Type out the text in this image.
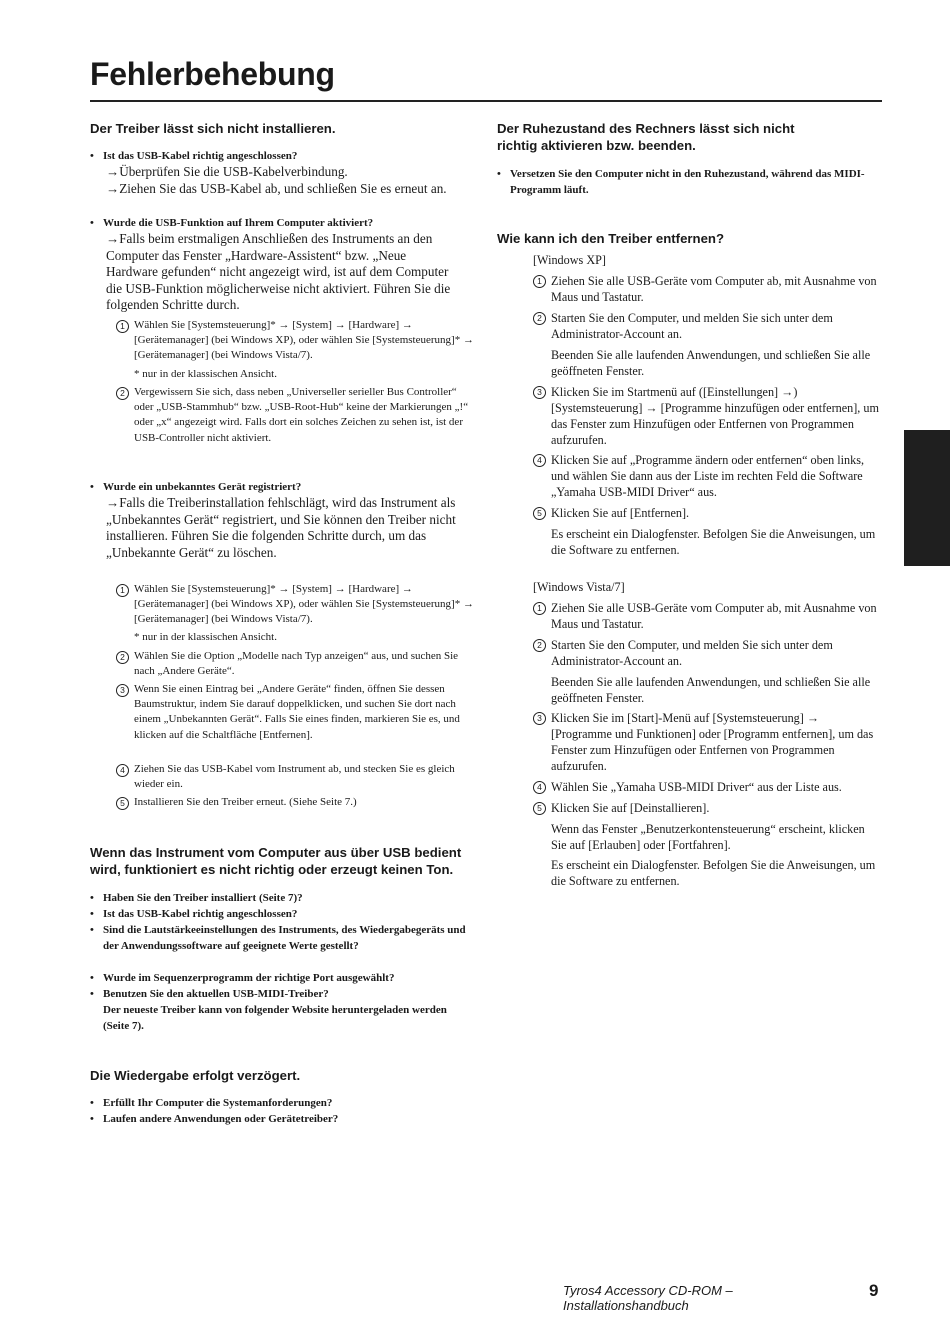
Fehlerbehebung
Der Treiber lässt sich nicht installieren.

• Ist das USB-Kabel richtig angeschlossen?

→Überprüfen Sie die USB-Kabelverbindung.

→Ziehen Sie das USB-Kabel ab, und schließen Sie es erneut an.

• Wurde die USB-Funktion auf Ihrem Computer aktiviert?

→Falls beim erstmaligen Anschließen des Instruments an den Computer das Fenster „Hardware-Assistent“ bzw. „Neue Hardware gefunden“ nicht angezeigt wird, ist auf dem Computer die USB-Funktion möglicherweise nicht aktiviert. Führen Sie die folgenden Schritte durch.

1 Wählen Sie [Systemsteuerung]* → [System] → [Hardware] → [Gerätemanager] (bei Windows XP), oder wählen Sie [Systemsteuerung]* → [Gerätemanager] (bei Windows Vista/7).

* nur in der klassischen Ansicht.

2 Vergewissern Sie sich, dass neben „Universeller serieller Bus Controller“ oder „USB-Stammhub“ bzw. „USB-Root-Hub“ keine der Markierungen „!“ oder „x“ angezeigt wird. Falls dort ein solches Zeichen zu sehen ist, ist der USB-Controller nicht aktiviert.

• Wurde ein unbekanntes Gerät registriert?

→Falls die Treiberinstallation fehlschlägt, wird das Instrument als „Unbekanntes Gerät“ registriert, und Sie können den Treiber nicht installieren. Führen Sie die folgenden Schritte durch, um das „Unbekannte Gerät“ zu löschen.

1 Wählen Sie [Systemsteuerung]* → [System] → [Hardware] → [Gerätemanager] (bei Windows XP), oder wählen Sie [Systemsteuerung]* → [Gerätemanager] (bei Windows Vista/7).

* nur in der klassischen Ansicht.

2 Wählen Sie die Option „Modelle nach Typ anzeigen“ aus, und suchen Sie nach „Andere Geräte“.
3 Wenn Sie einen Eintrag bei „Andere Geräte“ finden, öffnen Sie dessen Baumstruktur, indem Sie darauf doppelklicken, und suchen Sie dort nach einem „Unbekannten Gerät“. Falls Sie eines finden, markieren Sie es, und klicken auf die Schaltfläche [Entfernen].
4 Ziehen Sie das USB-Kabel vom Instrument ab, und stecken Sie es gleich wieder ein.
5 Installieren Sie den Treiber erneut. (Siehe Seite 7.)
Wenn das Instrument vom Computer aus über USB bedient wird, funktioniert es nicht richtig oder erzeugt keinen Ton.

• Haben Sie den Treiber installiert (Seite 7)?

• Ist das USB-Kabel richtig angeschlossen?

• Sind die Lautstärkeeinstellungen des Instruments, des Wiedergabegeräts und der Anwendungssoftware auf geeignete Werte gestellt?

• Wurde im Sequenzerprogramm der richtige Port ausgewählt?

• Benutzen Sie den aktuellen USB-MIDI-Treiber?

Der neueste Treiber kann von folgender Website heruntergeladen werden (Seite 7).

Die Wiedergabe erfolgt verzögert.

• Erfüllt Ihr Computer die Systemanforderungen?

• Laufen andere Anwendungen oder Gerätetreiber?

Der Ruhezustand des Rechners lässt sich nicht richtig aktivieren bzw. beenden.

• Versetzen Sie den Computer nicht in den Ruhezustand, während das MIDI-Programm läuft.

Wie kann ich den Treiber entfernen?

[Windows XP]

1 Ziehen Sie alle USB-Geräte vom Computer ab, mit Ausnahme von Maus und Tastatur.
2 Starten Sie den Computer, und melden Sie sich unter dem Administrator-Account an.

Beenden Sie alle laufenden Anwendungen, und schließen Sie alle geöffneten Fenster.

3 Klicken Sie im Startmenü auf ([Einstellungen] →) [Systemsteuerung] → [Programme hinzufügen oder entfernen], um das Fenster zum Hinzufügen oder Entfernen von Programmen aufzurufen.
4 Klicken Sie auf „Programme ändern oder entfernen“ oben links, und wählen Sie dann aus der Liste im rechten Feld die Software „Yamaha USB-MIDI Driver“ aus.
5 Klicken Sie auf [Entfernen].

Es erscheint ein Dialogfenster. Befolgen Sie die Anweisungen, um die Software zu entfernen.

[Windows Vista/7]

1 Ziehen Sie alle USB-Geräte vom Computer ab, mit Ausnahme von Maus und Tastatur.
2 Starten Sie den Computer, und melden Sie sich unter dem Administrator-Account an.

Beenden Sie alle laufenden Anwendungen, und schließen Sie alle geöffneten Fenster.

3 Klicken Sie im [Start]-Menü auf [Systemsteuerung] → [Programme und Funktionen] oder [Programm entfernen], um das Fenster zum Hinzufügen oder Entfernen von Programmen aufzurufen.
4 Wählen Sie „Yamaha USB-MIDI Driver“ aus der Liste aus.
5 Klicken Sie auf [Deinstallieren].

Wenn das Fenster „Benutzerkontensteuerung“ erscheint, klicken Sie auf [Erlauben] oder [Fortfahren].

Es erscheint ein Dialogfenster. Befolgen Sie die Anweisungen, um die Software zu entfernen.

Tyros4 Accessory CD-ROM – Installationshandbuch
9
